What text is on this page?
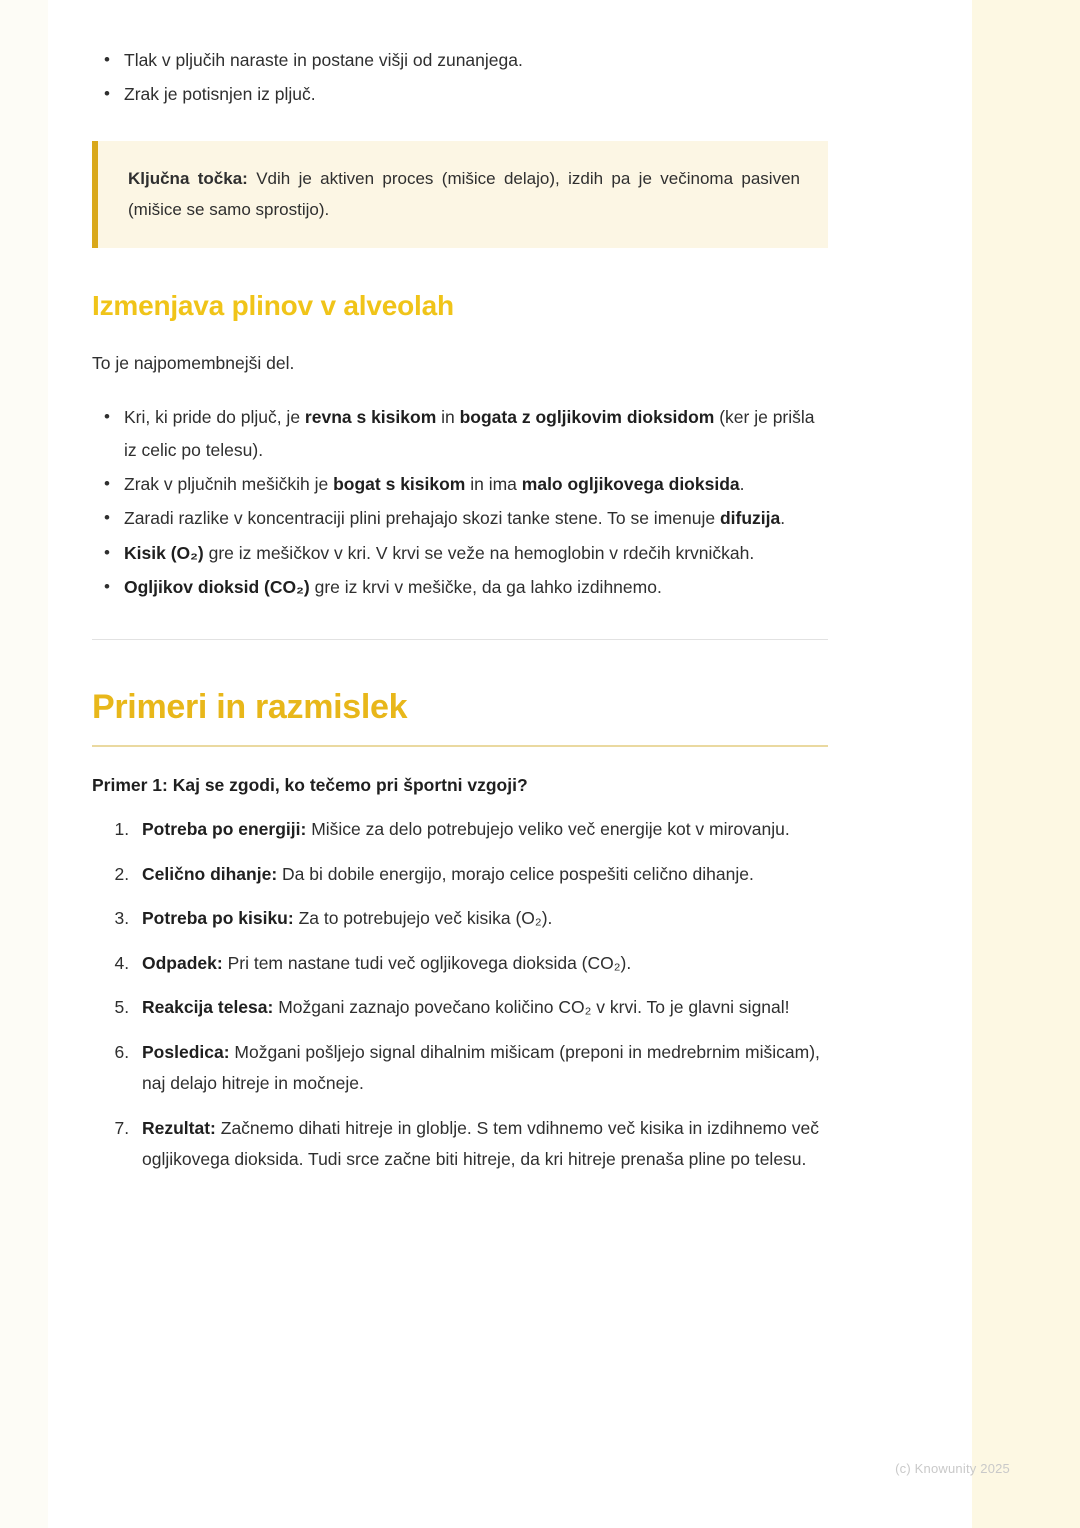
• Tlak v pljučih naraste in postane višji od zunanjega.
• Zrak je potisnjen iz pljuč.
Ključna točka: Vdih je aktiven proces (mišice delajo), izdih pa je večinoma pasiven (mišice se samo sprostijo).
Izmenjava plinov v alveolah

To je najpomembnejši del.

• Kri, ki pride do pljuč, je revna s kisikom in bogata z ogljikovim dioksidom (ker je prišla iz celic po telesu).
• Zrak v pljučnih mešičkih je bogat s kisikom in ima malo ogljikovega dioksida.
• Zaradi razlike v koncentraciji plini prehajajo skozi tanke stene. To se imenuje difuzija.
• Kisik (O₂) gre iz mešičkov v kri. V krvi se veže na hemoglobin v rdečih krvničkah.
• Ogljikov dioksid (CO₂) gre iz krvi v mešičke, da ga lahko izdihnemo.
Primeri in razmislek
Primer 1: Kaj se zgodi, ko tečemo pri športni vzgoji?
1. Potreba po energiji: Mišice za delo potrebujejo veliko več energije kot v mirovanju.
2. Celično dihanje: Da bi dobile energijo, morajo celice pospešiti celično dihanje.
3. Potreba po kisiku: Za to potrebujejo več kisika (O₂).
4. Odpadek: Pri tem nastane tudi več ogljikovega dioksida (CO₂).
5. Reakcija telesa: Možgani zaznajo povečano količino CO₂ v krvi. To je glavni signal!
6. Posledica: Možgani pošljejo signal dihalnim mišicam (preponi in medrebrnim mišicam), naj delajo hitreje in močneje.
7. Rezultat: Začnemo dihati hitreje in globlje. S tem vdihnemo več kisika in izdihnemo več ogljikovega dioksida. Tudi srce začne biti hitreje, da kri hitreje prenaša pline po telesu.
(c) Knowunity 2025
